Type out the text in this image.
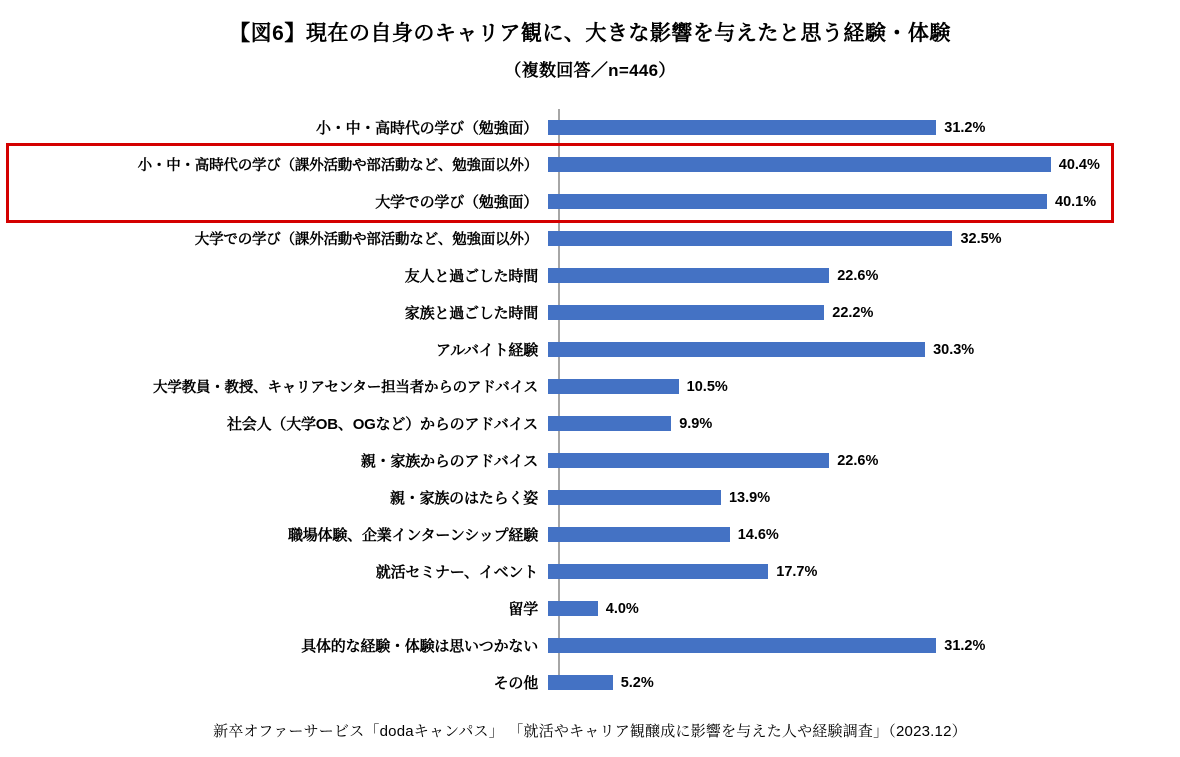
【図6】現在の自身のキャリア観に、大きな影響を与えたと思う経験・体験
（複数回答／n=446）
小・中・高時代の学び（勉強面）	31.2%
小・中・高時代の学び（課外活動や部活動など、勉強面以外）	40.4%
大学での学び（勉強面）	40.1%
大学での学び（課外活動や部活動など、勉強面以外）	32.5%
友人と過ごした時間	22.6%
家族と過ごした時間	22.2%
アルバイト経験	30.3%
大学教員・教授、キャリアセンター担当者からのアドバイス	10.5%
社会人（大学OB、OGなど）からのアドバイス	9.9%
親・家族からのアドバイス	22.6%
親・家族のはたらく姿	13.9%
職場体験、企業インターンシップ経験	14.6%
就活セミナー、イベント	17.7%
留学	4.0%
具体的な経験・体験は思いつかない	31.2%
その他	5.2%
新卒オファーサービス「dodaキャンパス」 「就活やキャリア観醸成に影響を与えた人や経験調査」（2023.12）
